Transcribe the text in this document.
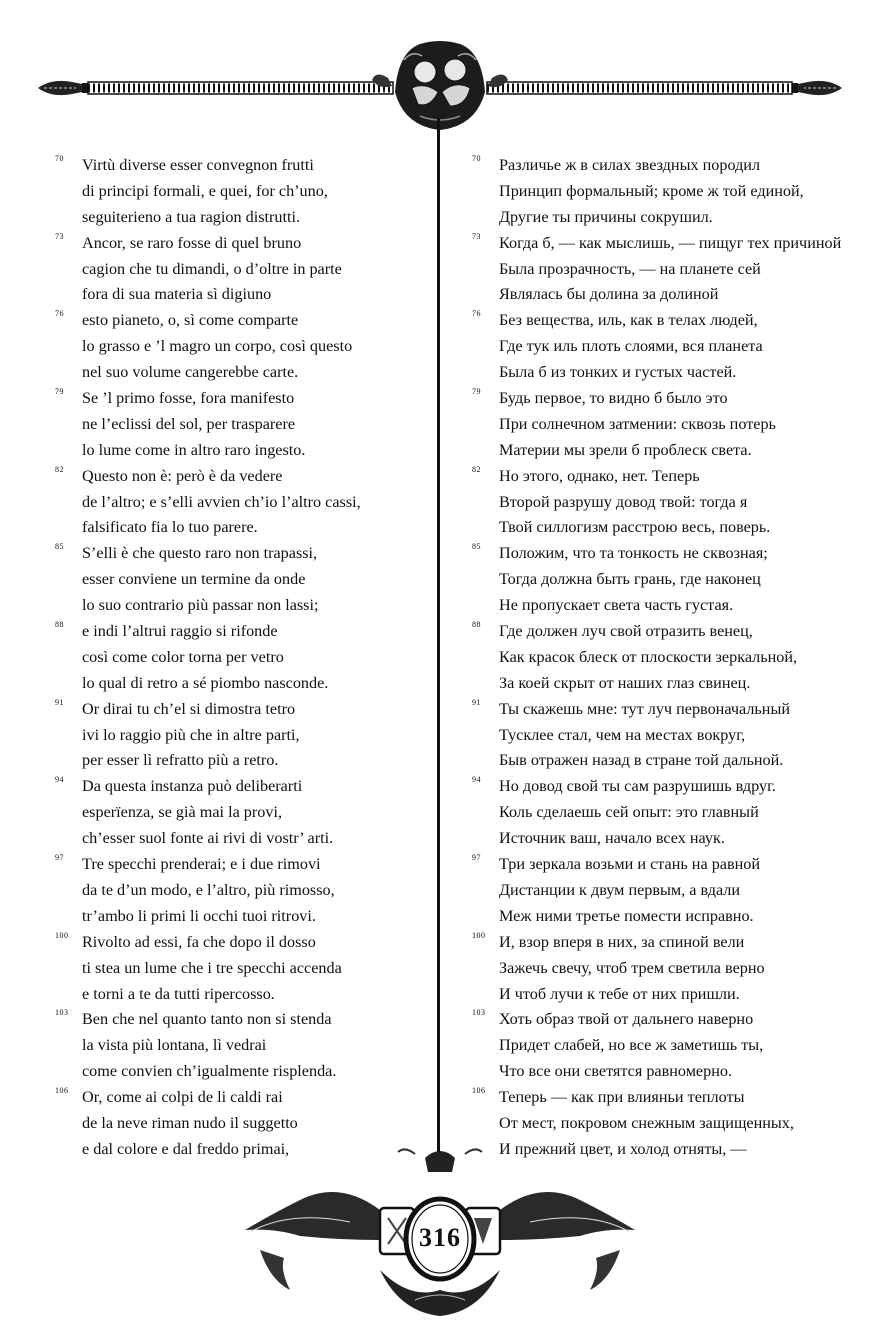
70	Virtù diverse esser convegnon frutti
di principi formali, e quei, for ch’uno,
seguiterieno a tua ragion distrutti.
73	Ancor, se raro fosse di quel bruno
cagion che tu dimandi, o d’oltre in parte
fora di sua materia sì digiuno
76	esto pianeto, o, sì come comparte
lo grasso e ’l magro un corpo, così questo
nel suo volume cangerebbe carte.
79	Se ’l primo fosse, fora manifesto
ne l’eclissi del sol, per trasparere
lo lume come in altro raro ingesto.
82	Questo non è: però è da vedere
de l’altro; e s’elli avvien ch’io l’altro cassi,
falsificato fia lo tuo parere.
85	S’elli è che questo raro non trapassi,
esser conviene un termine da onde
lo suo contrario più passar non lassi;
88	e indi l’altrui raggio si rifonde
così come color torna per vetro
lo qual di retro a sé piombo nasconde.
91	Or dirai tu ch’el si dimostra tetro
ivi lo raggio più che in altre parti,
per esser lì refratto più a retro.
94	Da questa instanza può deliberarti
esperïenza, se già mai la provi,
ch’esser suol fonte ai rivi di vostr’ arti.
97	Tre specchi prenderai; e i due rimovi
da te d’un modo, e l’altro, più rimosso,
tr’ambo li primi li occhi tuoi ritrovi.
100 Rivolto ad essi, fa che dopo il dosso
ti stea un lume che i tre specchi accenda
e torni a te da tutti ripercosso.
103 Ben che nel quanto tanto non si stenda
la vista più lontana, lì vedrai
come convien ch’igualmente risplenda.
106 Or, come ai colpi de li caldi rai
de la neve riman nudo il suggetto
e dal colore e dal freddo primai,
70	Различье ж в силах звездных породил
Принцип формальный; кроме ж той единой,
Другие ты причины сокрушил.
73	Когда б, — как мыслишь, — пищуг тех причиной
Была прозрачность, — на планете сей
Являлась бы долина за долиной
76	Без вещества, иль, как в телах людей,
Где тук иль плоть слоями, вся планета
Была б из тонких и густых частей.
79	Будь первое, то видно б было это
При солнечном затмении: сквозь потерь
Материи мы зрели б проблеск света.
82	Но этого, однако, нет. Теперь
Второй разрушу довод твой: тогда я
Твой силлогизм расстрою весь, поверь.
85	Положим, что та тонкость не сквозная;
Тогда должна быть грань, где наконец
Не пропускает света часть густая.
88	Где должен луч свой отразить венец,
Как красок блеск от плоскости зеркальной,
За коей скрыт от наших глаз свинец.
91	Ты скажешь мне: тут луч первоначальный
Тусклее стал, чем на местах вокруг,
Быв отражен назад в стране той дальной.
94	Но довод свой ты сам разрушишь вдруг.
Коль сделаешь сей опыт: это главный
Источник ваш, начало всех наук.
97	Три зеркала возьми и стань на равной
Дистанции к двум первым, а вдали
Меж ними третье помести исправно.
100 И, взор вперя в них, за спиной вели
Зажечь свечу, чтоб трем светила верно
И чтоб лучи к тебе от них пришли.
103 Хоть образ твой от дальнего наверно
Придет слабей, но все ж заметишь ты,
Что все они светятся равномерно.
106 Теперь — как при влияньи теплоты
От мест, покровом снежным защищенных,
И прежний цвет, и холод отняты, —
316
